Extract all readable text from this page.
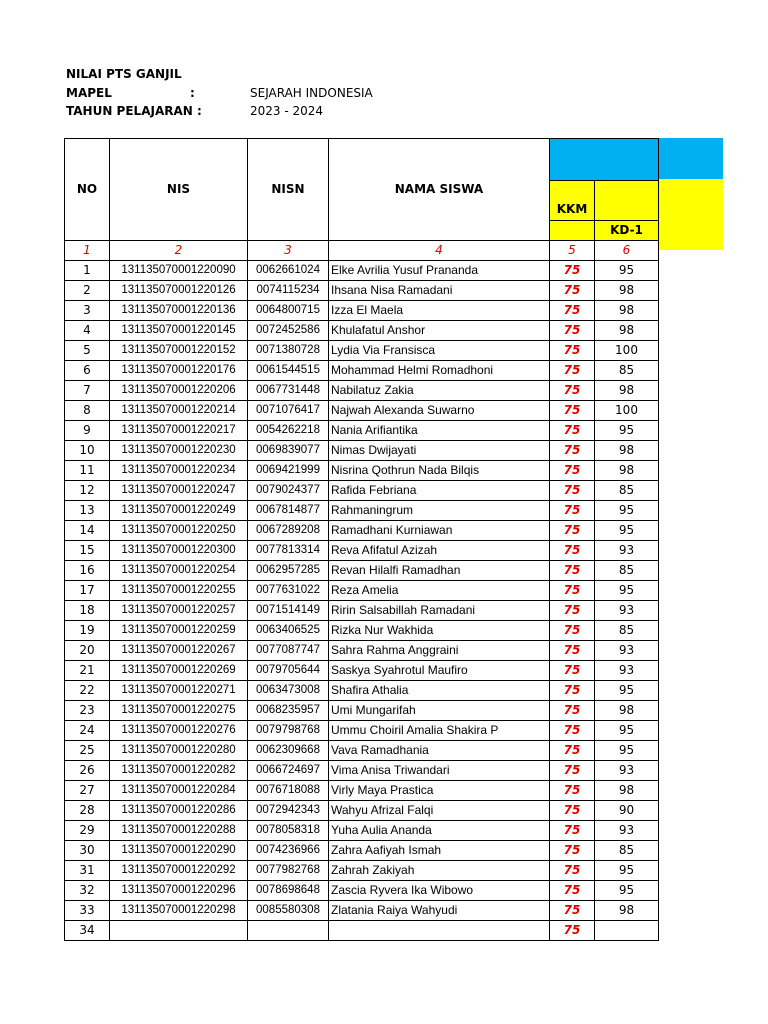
NILAI PTS GANJIL
MAPEL	:	SEJARAH INDONESIA
TAHUN PELAJARAN :	2023 - 2024
NO	NIS	NISN	NAMA SISWA		
				KKM	
					KD-1
1	2	3	4	5	6
1	131135070001220090	0062661024	Elke Avrilia Yusuf Prananda	75	95
2	131135070001220126	0074115234	Ihsana Nisa Ramadani	75	98
3	131135070001220136	0064800715	Izza El Maela	75	98
4	131135070001220145	0072452586	Khulafatul Anshor	75	98
5	131135070001220152	0071380728	Lydia Via Fransisca	75	100
6	131135070001220176	0061544515	Mohammad Helmi Romadhoni	75	85
7	131135070001220206	0067731448	Nabilatuz Zakia	75	98
8	131135070001220214	0071076417	Najwah Alexanda Suwarno	75	100
9	131135070001220217	0054262218	Nania Arifiantika	75	95
10	131135070001220230	0069839077	Nimas Dwijayati	75	98
11	131135070001220234	0069421999	Nisrina Qothrun Nada Bilqis	75	98
12	131135070001220247	0079024377	Rafida Febriana	75	85
13	131135070001220249	0067814877	Rahmaningrum	75	95
14	131135070001220250	0067289208	Ramadhani Kurniawan	75	95
15	131135070001220300	0077813314	Reva Afifatul Azizah	75	93
16	131135070001220254	0062957285	Revan Hilalfi Ramadhan	75	85
17	131135070001220255	0077631022	Reza Amelia	75	95
18	131135070001220257	0071514149	Ririn Salsabillah Ramadani	75	93
19	131135070001220259	0063406525	Rizka Nur Wakhida	75	85
20	131135070001220267	0077087747	Sahra Rahma Anggraini	75	93
21	131135070001220269	0079705644	Saskya Syahrotul Maufiro	75	93
22	131135070001220271	0063473008	Shafira Athalia	75	95
23	131135070001220275	0068235957	Umi Mungarifah	75	98
24	131135070001220276	0079798768	Ummu Choiril Amalia Shakira P	75	95
25	131135070001220280	0062309668	Vava Ramadhania	75	95
26	131135070001220282	0066724697	Vima Anisa Triwandari	75	93
27	131135070001220284	0076718088	Virly Maya Prastica	75	98
28	131135070001220286	0072942343	Wahyu Afrizal Falqi	75	90
29	131135070001220288	0078058318	Yuha Aulia Ananda	75	93
30	131135070001220290	0074236966	Zahra Aafiyah Ismah	75	85
31	131135070001220292	0077982768	Zahrah Zakiyah	75	95
32	131135070001220296	0078698648	Zascia Ryvera Ika Wibowo	75	95
33	131135070001220298	0085580308	Zlatania Raiya Wahyudi	75	98
34				75	
